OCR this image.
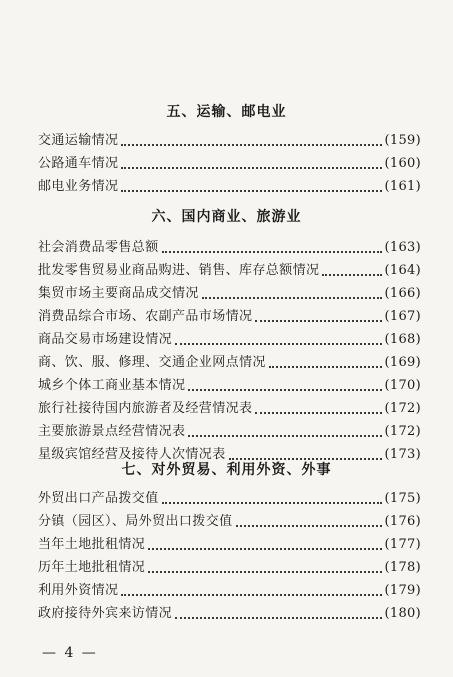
五、运输、邮电业
交通运输情况	(159)
公路通车情况	(160)
邮电业务情况	(161)
六、国内商业、旅游业
社会消费品零售总额	(163)
批发零售贸易业商品购进、销售、库存总额情况	(164)
集贸市场主要商品成交情况	(166)
消费品综合市场、农副产品市场情况	(167)
商品交易市场建设情况	(168)
商、饮、服、修理、交通企业网点情况	(169)
城乡个体工商业基本情况	(170)
旅行社接待国内旅游者及经营情况表	(172)
主要旅游景点经营情况表	(172)
星级宾馆经营及接待人次情况表	(173)
七、对外贸易、利用外资、外事
外贸出口产品拨交值	(175)
分镇（园区）、局外贸出口拨交值	(176)
当年土地批租情况	(177)
历年土地批租情况	(178)
利用外资情况	(179)
政府接待外宾来访情况	(180)
— 4 —
